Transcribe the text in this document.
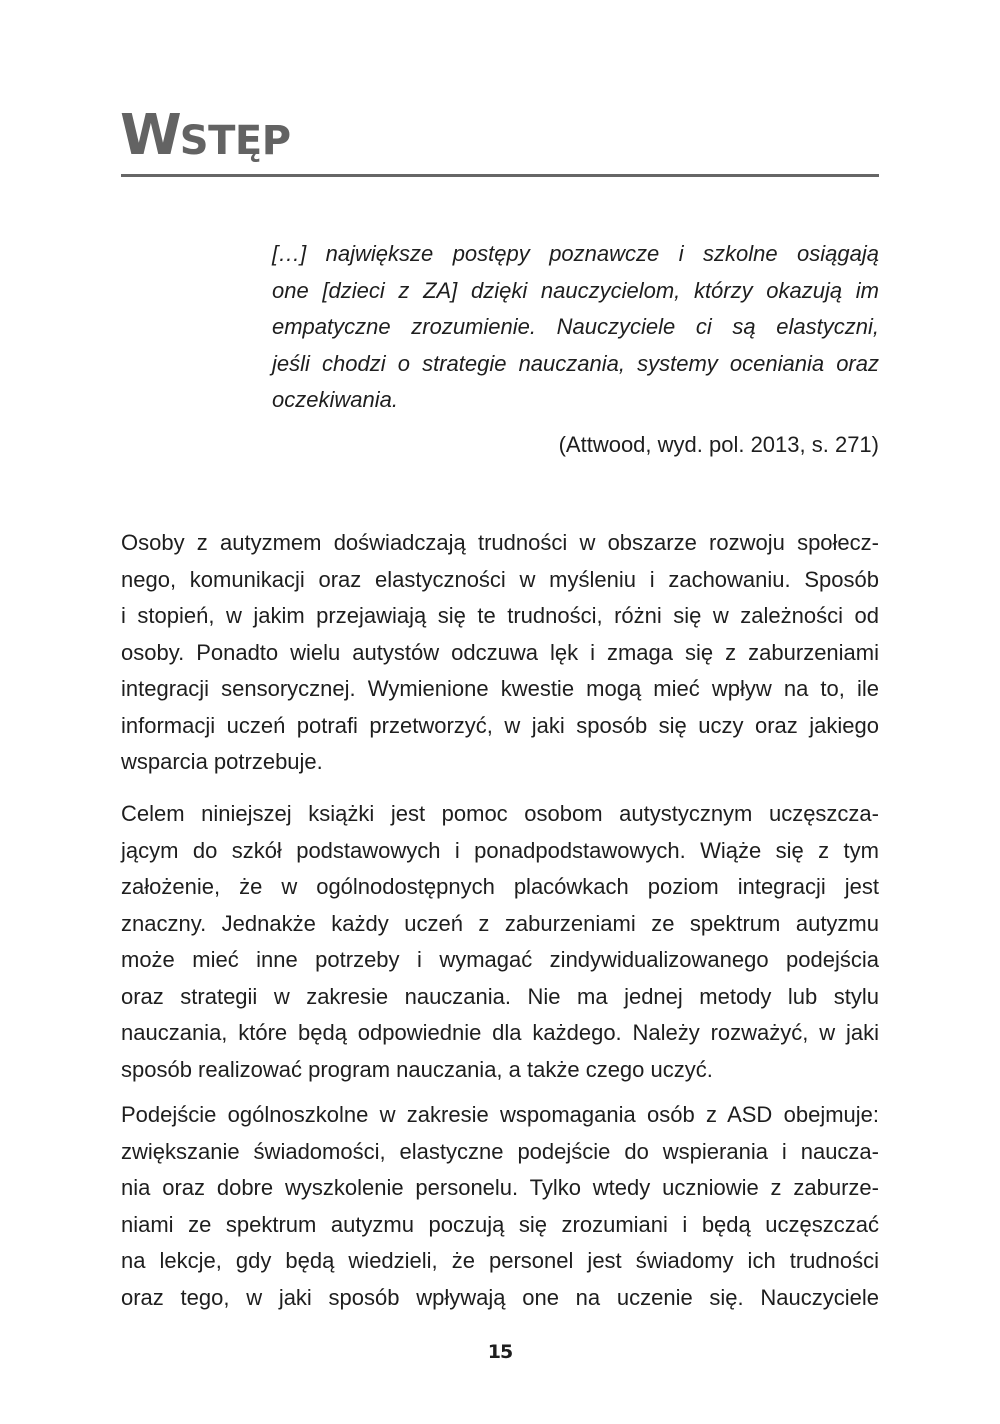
WSTĘP
[…] największe postępy poznawcze i szkolne osiągają
one [dzieci z ZA] dzięki nauczycielom, którzy okazują im
empatyczne zrozumienie. Nauczyciele ci są elastyczni,
jeśli chodzi o strategie nauczania, systemy oceniania oraz
oczekiwania.
(Attwood, wyd. pol. 2013, s. 271)
Osoby z autyzmem doświadczają trudności w obszarze rozwoju społecz-
nego, komunikacji oraz elastyczności w myśleniu i zachowaniu. Sposób
i stopień, w jakim przejawiają się te trudności, różni się w zależności od
osoby. Ponadto wielu autystów odczuwa lęk i zmaga się z zaburzeniami
integracji sensorycznej. Wymienione kwestie mogą mieć wpływ na to, ile
informacji uczeń potrafi przetworzyć, w jaki sposób się uczy oraz jakiego
wsparcia potrzebuje.
Celem niniejszej książki jest pomoc osobom autystycznym uczęszcza-
jącym do szkół podstawowych i ponadpodstawowych. Wiąże się z tym
założenie, że w ogólnodostępnych placówkach poziom integracji jest
znaczny. Jednakże każdy uczeń z zaburzeniami ze spektrum autyzmu
może mieć inne potrzeby i wymagać zindywidualizowanego podejścia
oraz strategii w zakresie nauczania. Nie ma jednej metody lub stylu
nauczania, które będą odpowiednie dla każdego. Należy rozważyć, w jaki
sposób realizować program nauczania, a także czego uczyć.
Podejście ogólnoszkolne w zakresie wspomagania osób z ASD obejmuje:
zwiększanie świadomości, elastyczne podejście do wspierania i naucza-
nia oraz dobre wyszkolenie personelu. Tylko wtedy uczniowie z zaburze-
niami ze spektrum autyzmu poczują się zrozumiani i będą uczęszczać
na lekcje, gdy będą wiedzieli, że personel jest świadomy ich trudności
oraz tego, w jaki sposób wpływają one na uczenie się. Nauczyciele
15
